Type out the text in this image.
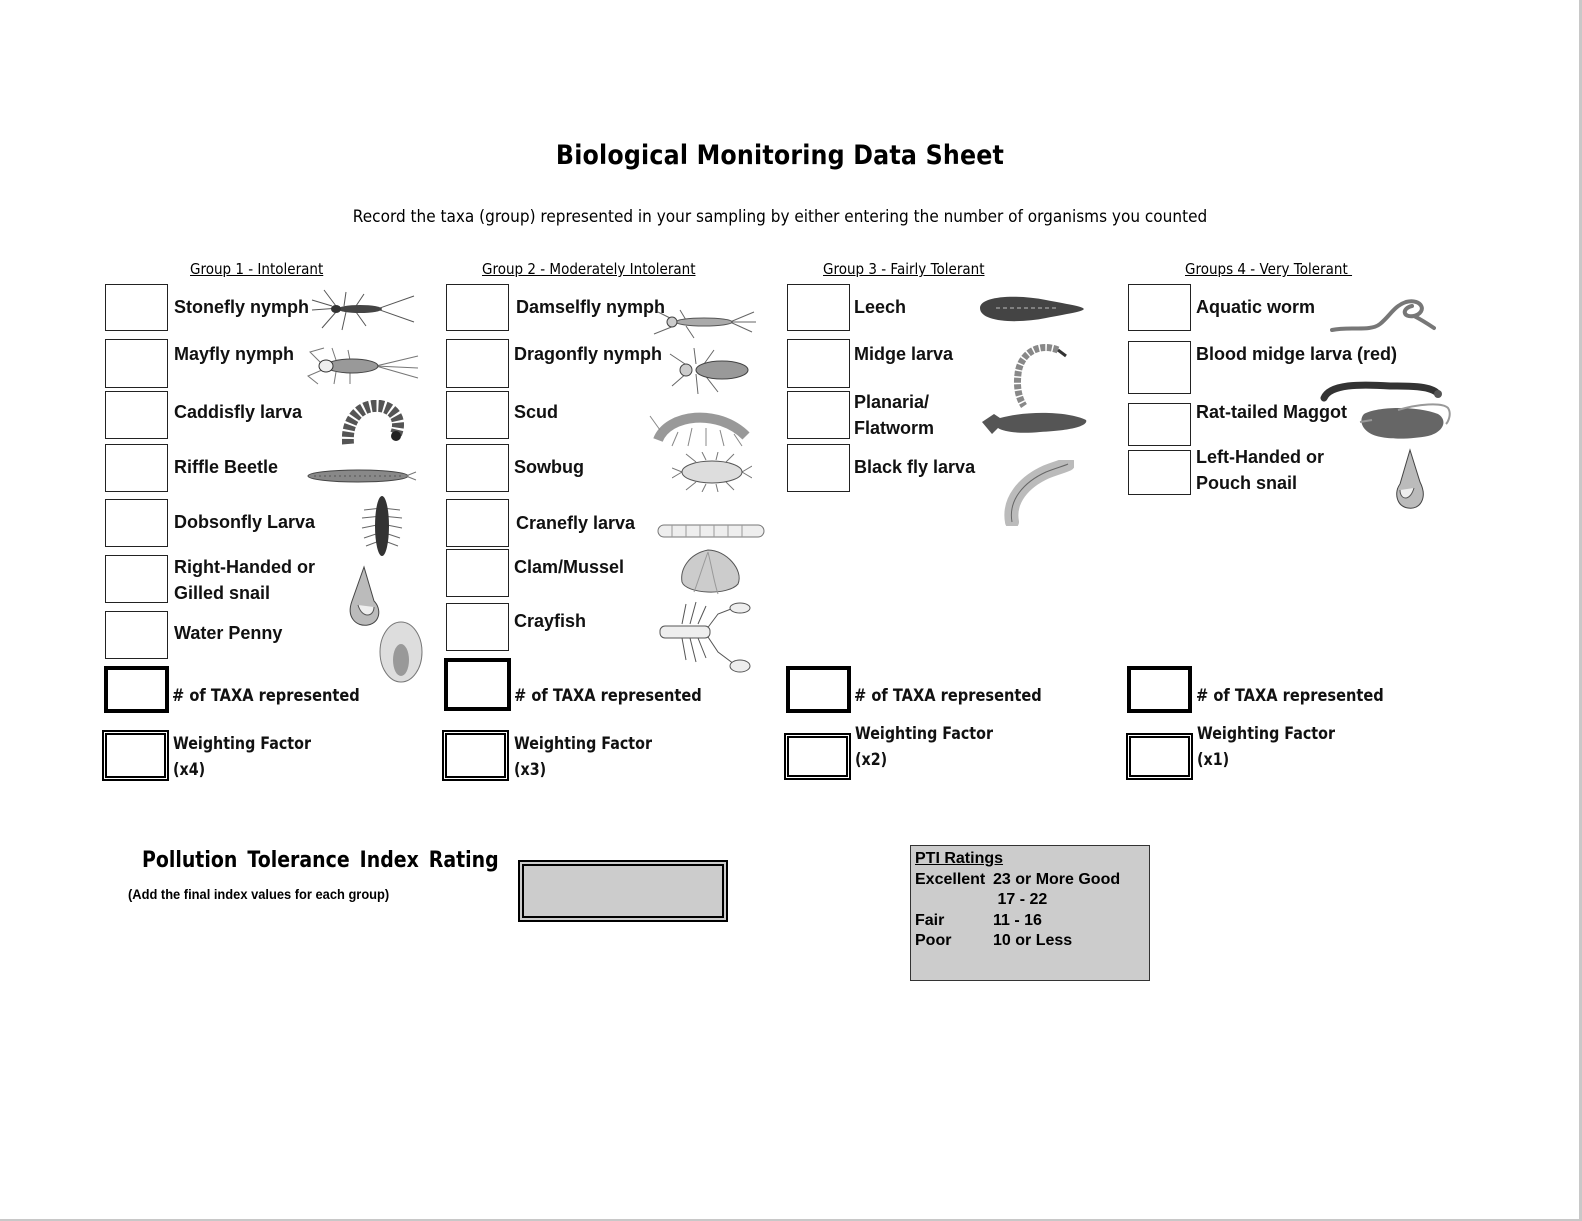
Biological Monitoring Data Sheet
Record the taxa (group) represented in your sampling by either entering the number of organisms you counted
Group 1 - Intolerant	Group 2 - Moderately Intolerant	Group 3 - Fairly Tolerant	Groups 4 - Very Tolerant
Stonefly nymph
Mayfly nymph
Caddisfly larva
Riffle Beetle
Dobsonfly Larva
Right-Handed or
Gilled snail
Water Penny
# of TAXA represented
Weighting Factor
(x4)
Damselfly nymph
Dragonfly nymph
Scud
Sowbug
Cranefly larva
Clam/Mussel
Crayfish
# of TAXA represented
Weighting Factor
(x3)
Leech
Midge larva
Planaria/
Flatworm
Black fly larva
# of TAXA represented
Weighting Factor
(x2)
Aquatic worm
Blood midge larva (red)
Rat-tailed Maggot
Left-Handed or
Pouch snail
# of TAXA represented
Weighting Factor
(x1)
Pollution Tolerance Index Rating
(Add the final index values for each group)
PTI Ratings
Excellent 23 or More Good
17 - 22
Fair	11 - 16
Poor	10 or Less
